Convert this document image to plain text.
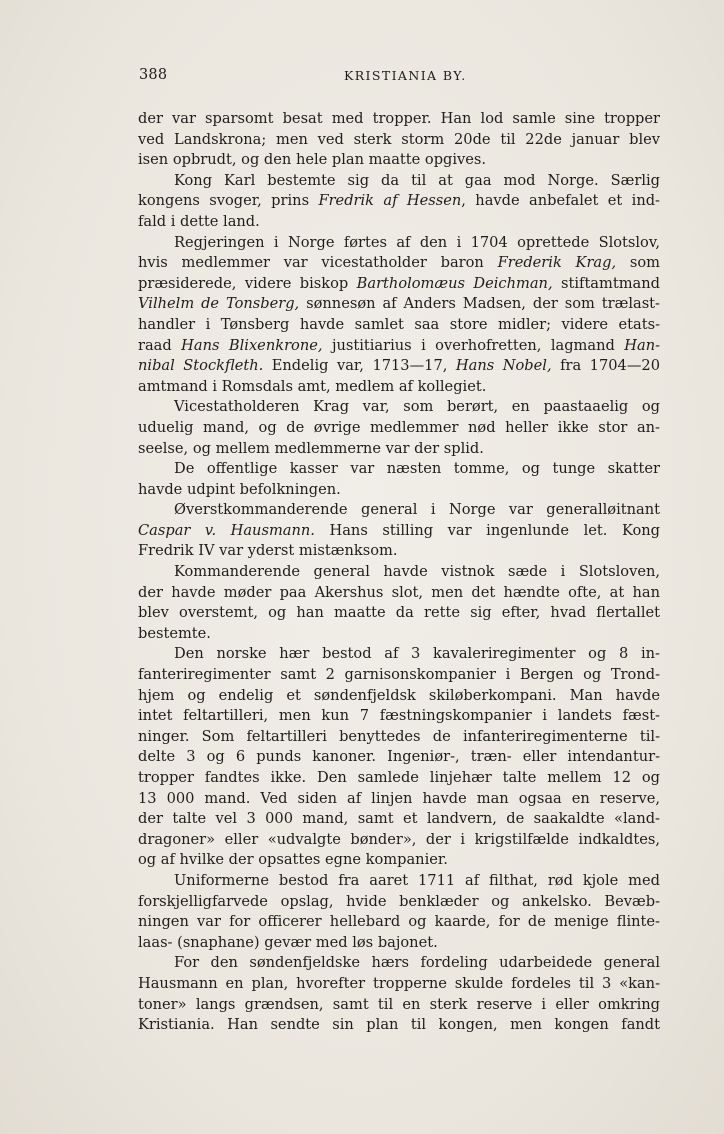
388	KRISTIANIA BY.
der var sparsomt besat med tropper. Han lod samle sine tropper
ved Landskrona; men ved sterk storm 20de til 22de januar blev
isen opbrudt, og den hele plan maatte opgives.
Kong Karl bestemte sig da til at gaa mod Norge. Særlig
kongens svoger, prins Fredrik af Hessen, havde anbefalet et ind-
fald i dette land.
Regjeringen i Norge førtes af den i 1704 oprettede Slotslov,
hvis medlemmer var vicestatholder baron Frederik Krag, som
præsiderede, videre biskop Bartholomæus Deichman, stiftamtmand
Vilhelm de Tonsberg, sønnesøn af Anders Madsen, der som trælast-
handler i Tønsberg havde samlet saa store midler; videre etats-
raad Hans Blixenkrone, justitiarius i overhofretten, lagmand Han-
nibal Stockfleth. Endelig var, 1713—17, Hans Nobel, fra 1704—20
amtmand i Romsdals amt, medlem af kollegiet.
Vicestatholderen Krag var, som berørt, en paastaaelig og
uduelig mand, og de øvrige medlemmer nød heller ikke stor an-
seelse, og mellem medlemmerne var der splid.
De offentlige kasser var næsten tomme, og tunge skatter
havde udpint befolkningen.
Øverstkommanderende general i Norge var generalløitnant
Caspar v. Hausmann. Hans stilling var ingenlunde let. Kong
Fredrik IV var yderst mistænksom.
Kommanderende general havde vistnok sæde i Slotsloven,
der havde møder paa Akershus slot, men det hændte ofte, at han
blev overstemt, og han maatte da rette sig efter, hvad flertallet
bestemte.
Den norske hær bestod af 3 kavaleriregimenter og 8 in-
fanteriregimenter samt 2 garnisonskompanier i Bergen og Trond-
hjem og endelig et søndenfjeldsk skiløberkompani. Man havde
intet feltartilleri, men kun 7 fæstningskompanier i landets fæst-
ninger. Som feltartilleri benyttedes de infanteriregimenterne til-
delte 3 og 6 punds kanoner. Ingeniør-, træn- eller intendantur-
tropper fandtes ikke. Den samlede linjehær talte mellem 12 og
13 000 mand. Ved siden af linjen havde man ogsaa en reserve,
der talte vel 3 000 mand, samt et landvern, de saakaldte «land-
dragoner» eller «udvalgte bønder», der i krigstilfælde indkaldtes,
og af hvilke der opsattes egne kompanier.
Uniformerne bestod fra aaret 1711 af filthat, rød kjole med
forskjelligfarvede opslag, hvide benklæder og ankelsko. Bevæb-
ningen var for officerer hellebard og kaarde, for de menige flinte-
laas- (snaphane) gevær med løs bajonet.
For den søndenfjeldske hærs fordeling udarbeidede general
Hausmann en plan, hvorefter tropperne skulde fordeles til 3 «kan-
toner» langs grændsen, samt til en sterk reserve i eller omkring
Kristiania. Han sendte sin plan til kongen, men kongen fandt
